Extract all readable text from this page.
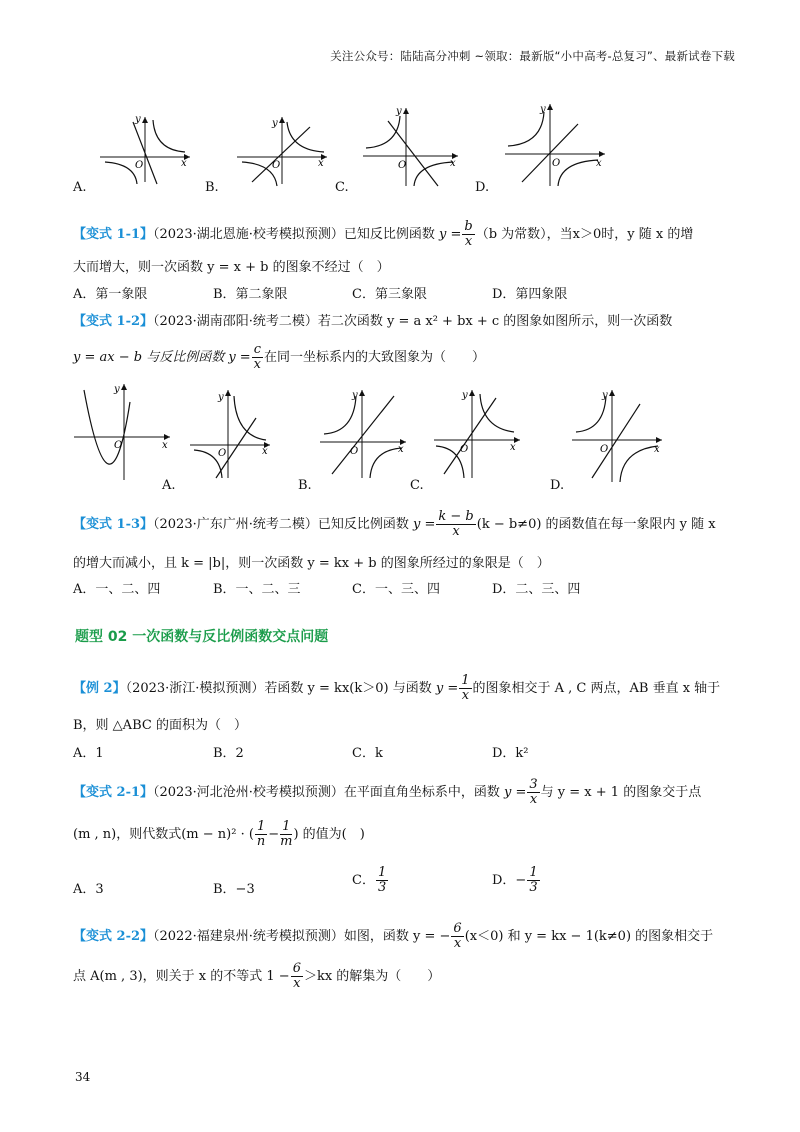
关注公众号：陆陆高分冲刺 ~领取：最新版“小中高考-总复习”、最新试卷下载
O	x
y
A.
O	x
y
B.
O	x
y
C.
O	x
y
D.
【变式 1-1】（2023·湖北恩施·校考模拟预测）已知反比例函数 $y = \frac{b}{x} (b$ 为常数），当x＞0时，y 随 x 的增
大而增大，则一次函数 y = x + b 的图象不经过（　）
A．第一象限	B．第二象限	C．第三象限	D．第四象限
【变式 1-2】（2023·湖南邵阳·统考二模）若二次函数 y = a x² + bx + c 的图象如图所示，则一次函数
y = ax − b 与反比例函数 $y = \frac{c}{x}$ 在同一坐标系内的大致图象为（　　）
O	x
y
O	x
y
A.
O	x
y
B.
O	x
y
C.
O	x
y
D.
【变式 1-3】（2023·广东广州·统考二模）已知反比例函数 $y = \frac{k - b}{x} (k - b\ne 0)$ 的函数值在每一象限内 y 随 x
的增大而减小，且 k = |b|，则一次函数 y = kx + b 的图象所经过的象限是（　）
A．一、二、四	B．一、二、三	C．一、三、四	D．二、三、四
题型 02 一次函数与反比例函数交点问题
【例 2】（2023·浙江·模拟预测）若函数 y = kx(k＞0) 与函数 $y = \frac{1}{x}$ 的图象相交于 A , C 两点，AB 垂直 x 轴于
B，则 △ABC 的面积为（　）
A．1	B．2	C．k	D．k²
【变式 2-1】（2023·河北沧州·校考模拟预测）在平面直角坐标系中，函数 $y = \frac{3}{x}$ 与 y = x + 1 的图象交于点
(m , n)，则代数式(m − n)² · ( $\frac{1}{n} - \frac{1}{m}$ ) 的值为(　)
A．3	B．−3
C． $\frac{1}{3}$	D．− $\frac{1}{3}$
【变式 2-2】（2022·福建泉州·统考模拟预测）如图，函数 y = − $\frac{6}{x} (x<0)$ 和 y = kx − 1(k≠0) 的图象相交于
点 A(m , 3)，则关于 x 的不等式 $1 - \frac{6}{x} >kx$ 的解集为（　　）
34
